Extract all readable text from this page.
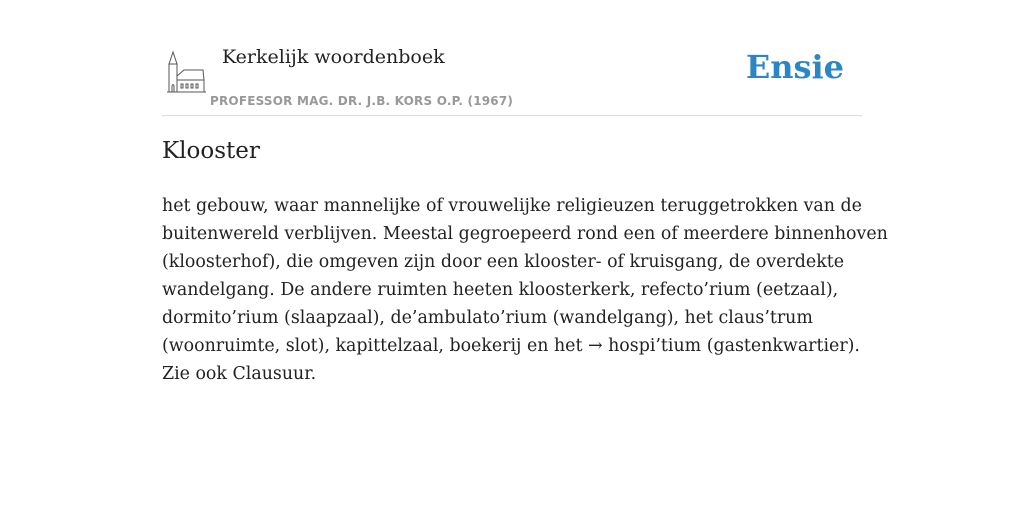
Kerkelijk woordenboek
PROFESSOR MAG. DR. J.B. KORS O.P. (1967)
Ensie
Klooster

het gebouw, waar mannelijke of vrouwelijke religieuzen teruggetrokken van de
buitenwereld verblijven. Meestal gegroepeerd rond een of meerdere binnenhoven
(kloosterhof), die omgeven zijn door een klooster- of kruisgang, de overdekte
wandelgang. De andere ruimten heeten kloosterkerk, refecto’rium (eetzaal),
dormito’rium (slaapzaal), de’ambulato’rium (wandelgang), het claus’trum
(woonruimte, slot), kapittelzaal, boekerij en het → hospi’tium (gastenkwartier).
Zie ook Clausuur.
